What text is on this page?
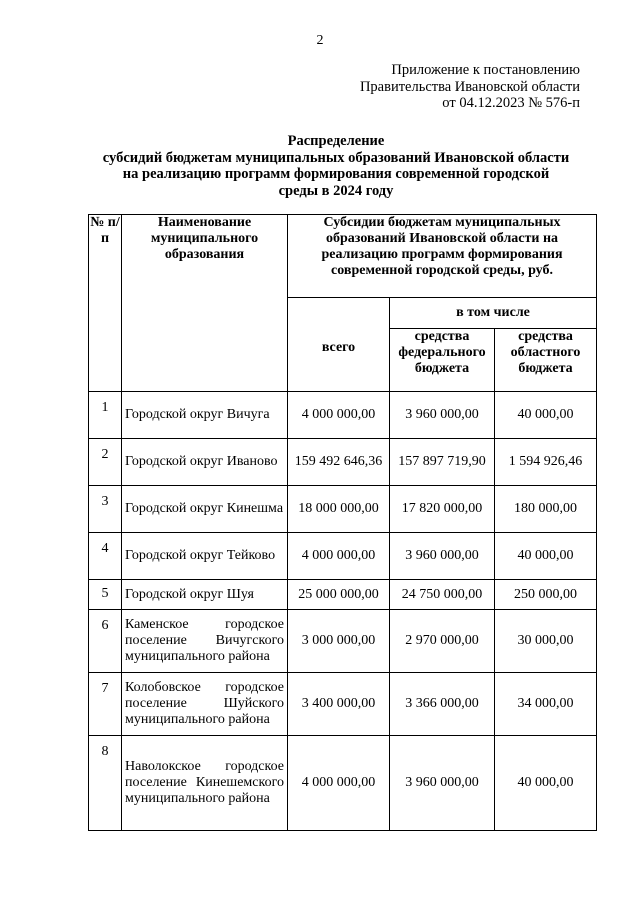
2
Приложение к постановлению
Правительства Ивановской области
от 04.12.2023 № 576-п
Распределение
субсидий бюджетам муниципальных образований Ивановской области
на реализацию программ формирования современной городской
среды в 2024 году
№ п/п	Наименование муниципального образования	Субсидии бюджетам муниципальных образований Ивановской области на реализацию программ формирования современной городской среды, руб.		
		всего	в том числе	
			средства федерального бюджета	средства областного бюджета
1	Городской округ Вичуга	4 000 000,00	3 960 000,00	40 000,00
2	Городской округ Иваново	159 492 646,36	157 897 719,90	1 594 926,46
3	Городской округ Кинешма	18 000 000,00	17 820 000,00	180 000,00
4	Городской округ Тейково	4 000 000,00	3 960 000,00	40 000,00
5	Городской округ Шуя	25 000 000,00	24 750 000,00	250 000,00
6	Каменское городское поселение Вичугского муниципального района	3 000 000,00	2 970 000,00	30 000,00
7	Колобовское городское поселение Шуйского муниципального района	3 400 000,00	3 366 000,00	34 000,00
8	Наволокское городское поселение Кинешемского муниципального района	4 000 000,00	3 960 000,00	40 000,00
